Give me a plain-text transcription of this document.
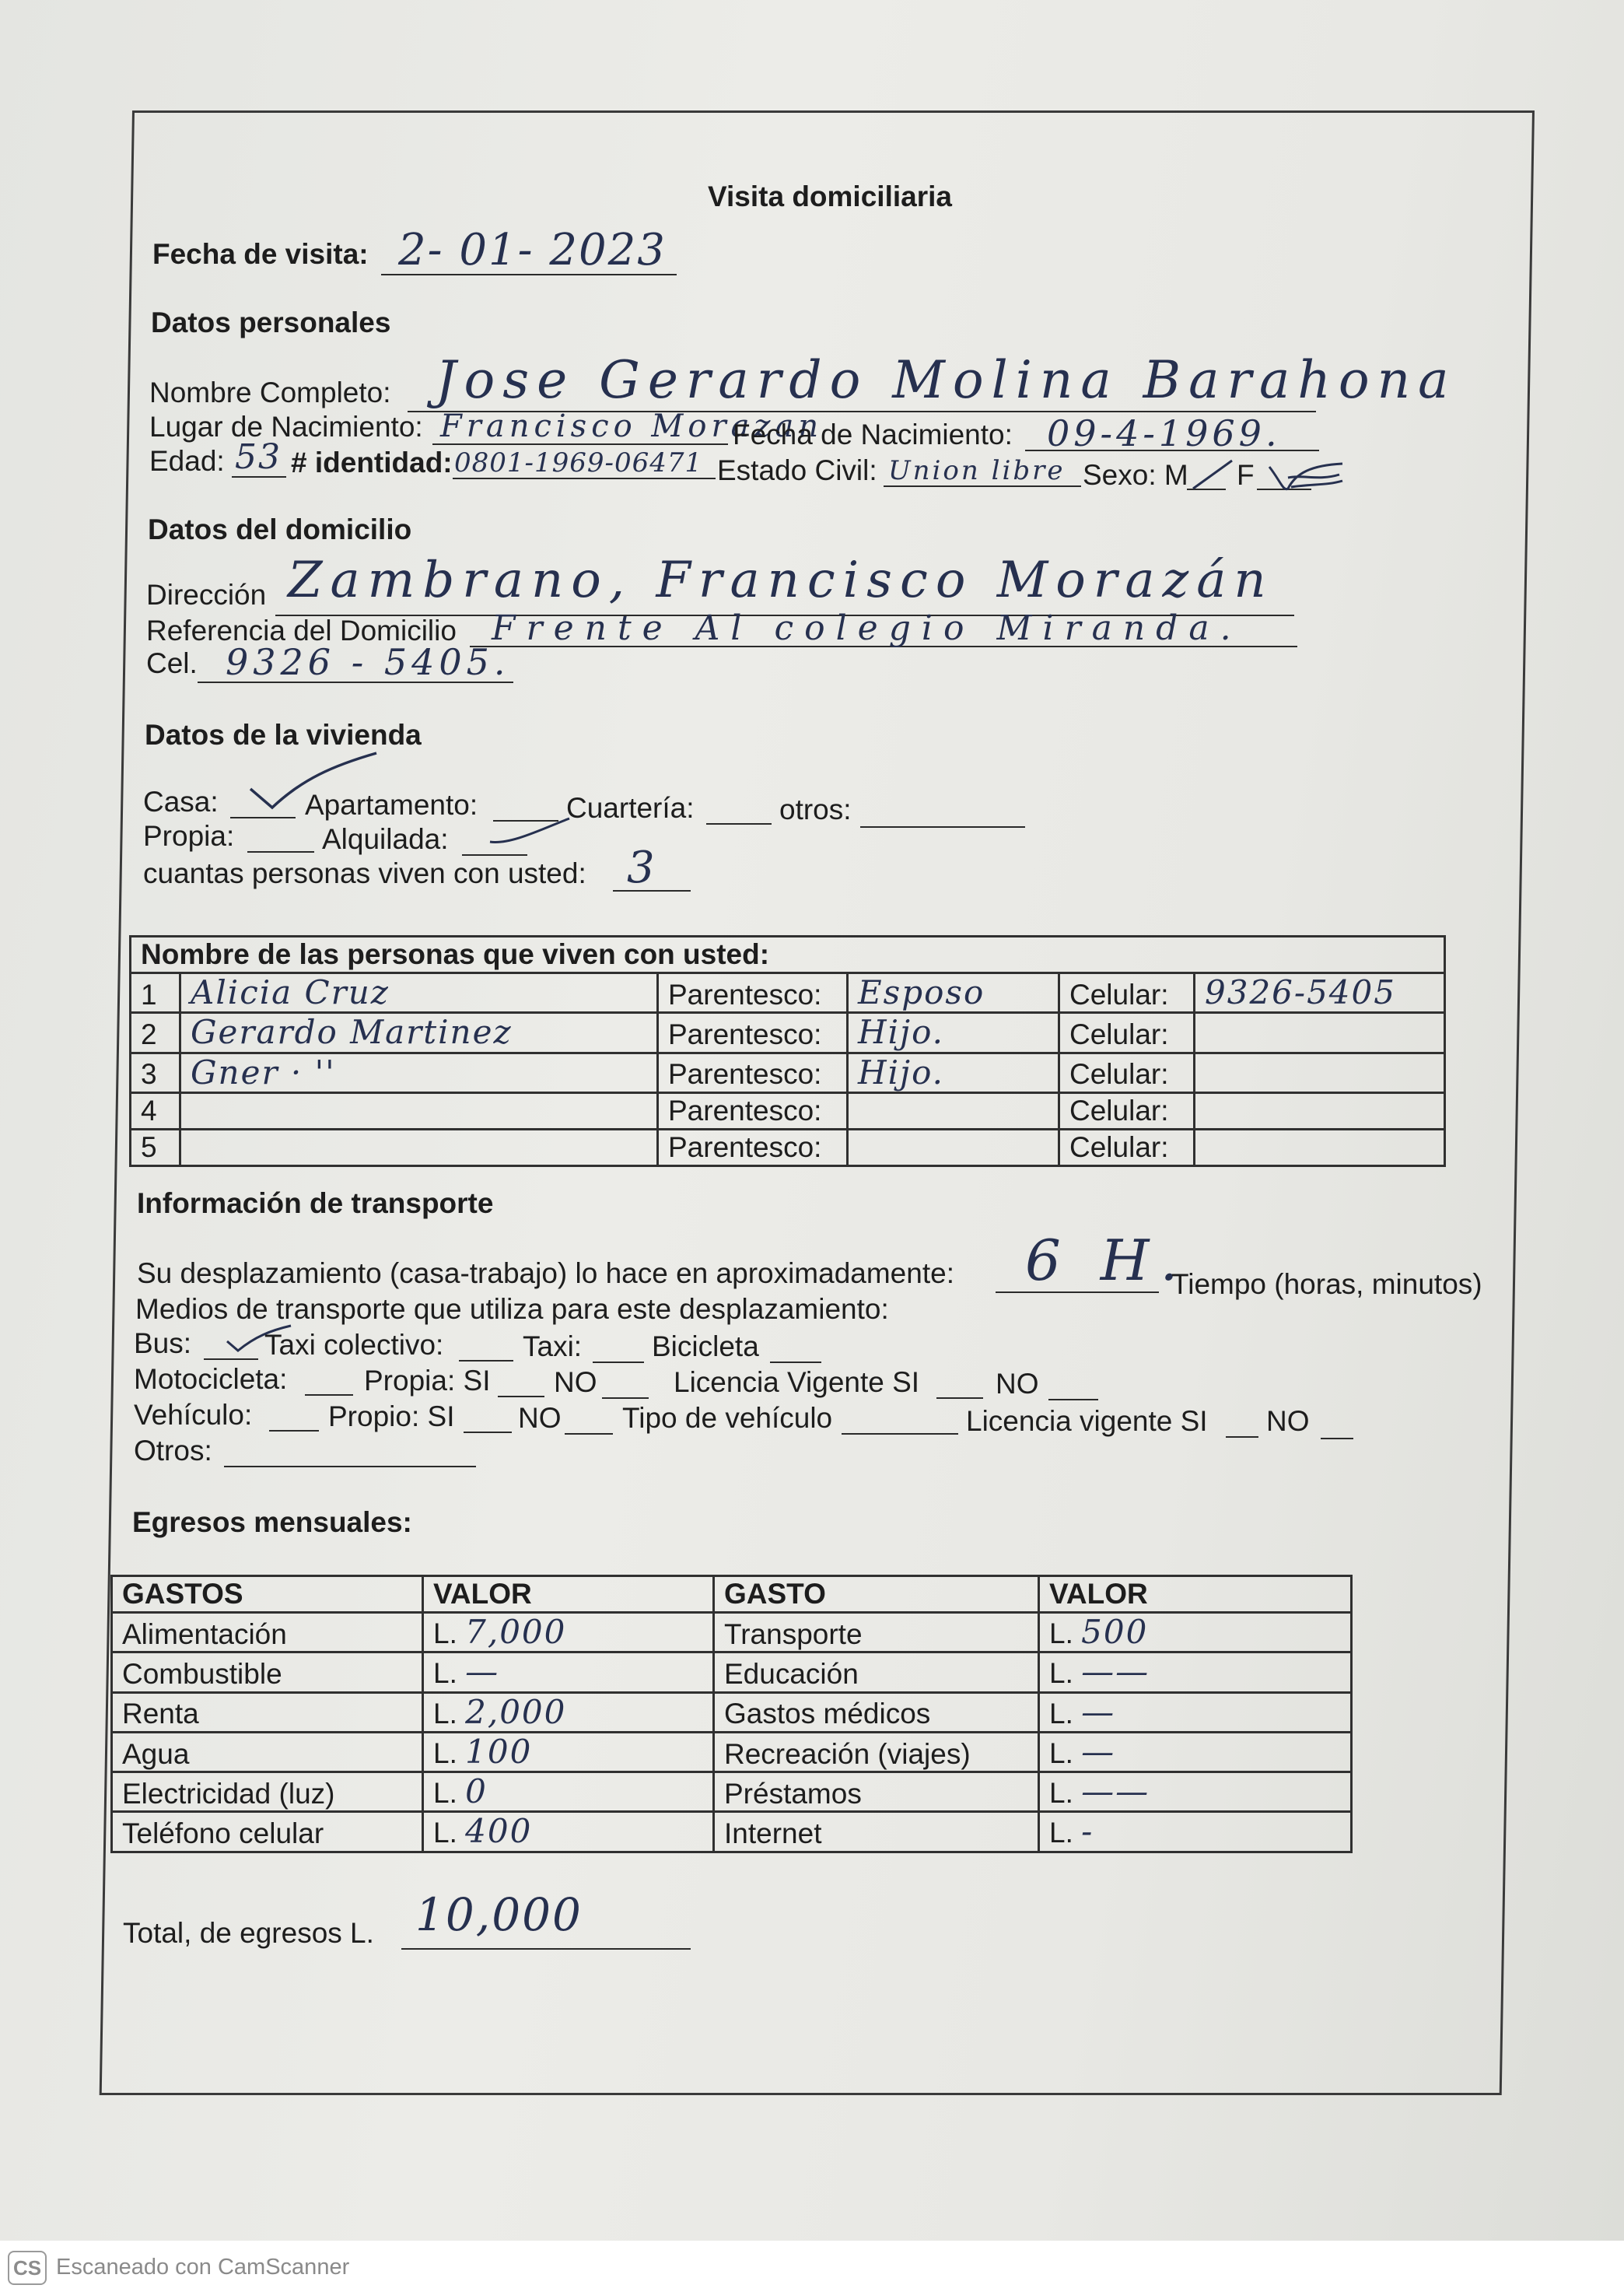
Visita domiciliaria
Fecha de visita: 2- 01- 2023
Datos personales
Nombre Completo: Jose Gerardo Molina Barahona
Lugar de Nacimiento: Francisco Morazan
Fecha de Nacimiento: 09-4-1969.
Edad: 53 # identidad: 0801-1969-06471 Estado Civil: Union libre Sexo: M F
Datos del domicilio
Dirección Zambrano, Francisco Morazán
Referencia del Domicilio Frente Al colegio Miranda.
Cel. 9326 - 5405.
Datos de la vivienda
Casa:	Apartamento:	Cuartería:	otros:
Propia:	Alquilada:
cuantas personas viven con usted: 3
Nombre de las personas que viven con usted:					
1	Alicia Cruz	Parentesco:	Esposo	Celular:	9326-5405
2	Gerardo Martinez	Parentesco:	Hijo.	Celular:	
3	Gner · ''	Parentesco:	Hijo.	Celular:	
4		Parentesco:		Celular:	
5		Parentesco:		Celular:	
Información de transporte
Su desplazamiento (casa-trabajo) lo hace en aproximadamente: 6 H.
Tiempo (horas, minutos)
Medios de transporte que utiliza para este desplazamiento:
Bus:	Taxi colectivo:	Taxi: Bicicleta
Motocicleta:	Propia: SI NO	Licencia Vigente SI	NO
Vehículo:	Propio: SI NO Tipo de vehículo	Licencia vigente SI NO
Otros:
Egresos mensuales:
GASTOS	VALOR	GASTO	VALOR
Alimentación	L. 7,000	Transporte	L. 500
Combustible	L. —	Educación	L. ——
Renta	L. 2,000	Gastos médicos	L. —
Agua	L. 100	Recreación (viajes)	L. —
Electricidad (luz)	L. 0	Préstamos	L. ——
Teléfono celular	L. 400	Internet	L. -
Total, de egresos L. 10,000
CS Escaneado con CamScanner
